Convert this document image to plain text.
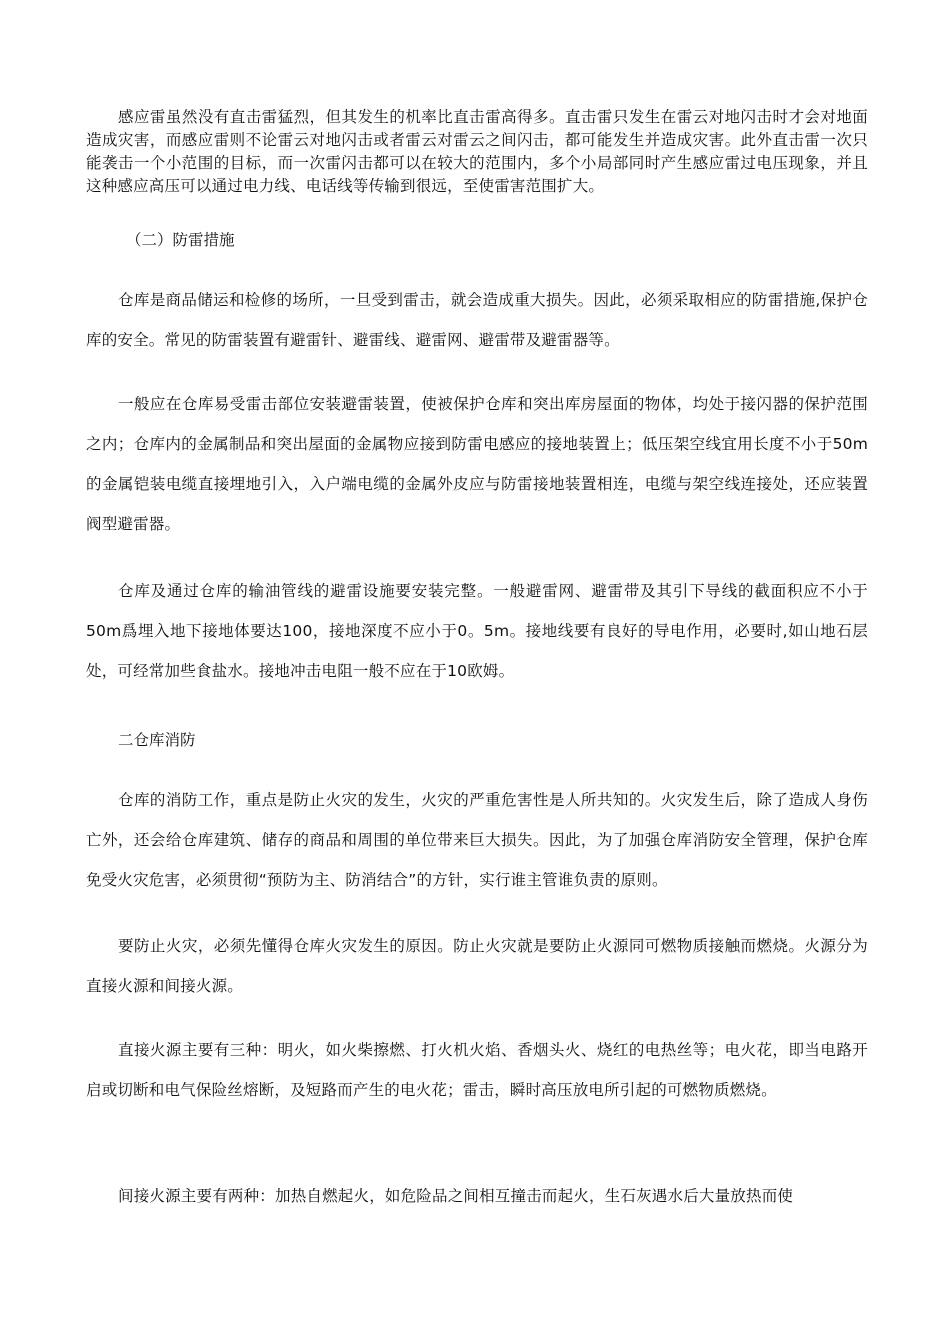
感应雷虽然没有直击雷猛烈，但其发生的机率比直击雷高得多。直击雷只发生在雷云对地闪击时才会对地面造成灾害，而感应雷则不论雷云对地闪击或者雷云对雷云之间闪击，都可能发生并造成灾害。此外直击雷一次只能袭击一个小范围的目标，而一次雷闪击都可以在较大的范围内，多个小局部同时产生感应雷过电压现象，并且这种感应高压可以通过电力线、电话线等传输到很远，至使雷害范围扩大。

（二）防雷措施

仓库是商品储运和检修的场所，一旦受到雷击，就会造成重大损失。因此，必须采取相应的防雷措施,保护仓库的安全。常见的防雷装置有避雷针、避雷线、避雷网、避雷带及避雷器等。

一般应在仓库易受雷击部位安装避雷装置，使被保护仓库和突出库房屋面的物体，均处于接闪器的保护范围之内；仓库内的金属制品和突出屋面的金属物应接到防雷电感应的接地装置上；低压架空线宜用长度不小于50m的金属铠装电缆直接埋地引入，入户端电缆的金属外皮应与防雷接地装置相连，电缆与架空线连接处，还应装置阀型避雷器。

仓库及通过仓库的输油管线的避雷设施要安装完整。一般避雷网、避雷带及其引下导线的截面积应不小于50m爲埋入地下接地体要达100，接地深度不应小于0。5m。接地线要有良好的导电作用，必要时,如山地石层处，可经常加些食盐水。接地冲击电阻一般不应在于10欧姆。

二仓库消防

仓库的消防工作，重点是防止火灾的发生，火灾的严重危害性是人所共知的。火灾发生后，除了造成人身伤亡外，还会给仓库建筑、储存的商品和周围的单位带来巨大损失。因此，为了加强仓库消防安全管理，保护仓库免受火灾危害，必须贯彻“预防为主、防消结合”的方针，实行谁主管谁负责的原则。

要防止火灾，必须先懂得仓库火灾发生的原因。防止火灾就是要防止火源同可燃物质接触而燃烧。火源分为直接火源和间接火源。

直接火源主要有三种：明火，如火柴擦燃、打火机火焰、香烟头火、烧红的电热丝等；电火花，即当电路开启或切断和电气保险丝熔断，及短路而产生的电火花；雷击，瞬时高压放电所引起的可燃物质燃烧。

间接火源主要有两种：加热自燃起火，如危险品之间相互撞击而起火，生石灰遇水后大量放热而使
